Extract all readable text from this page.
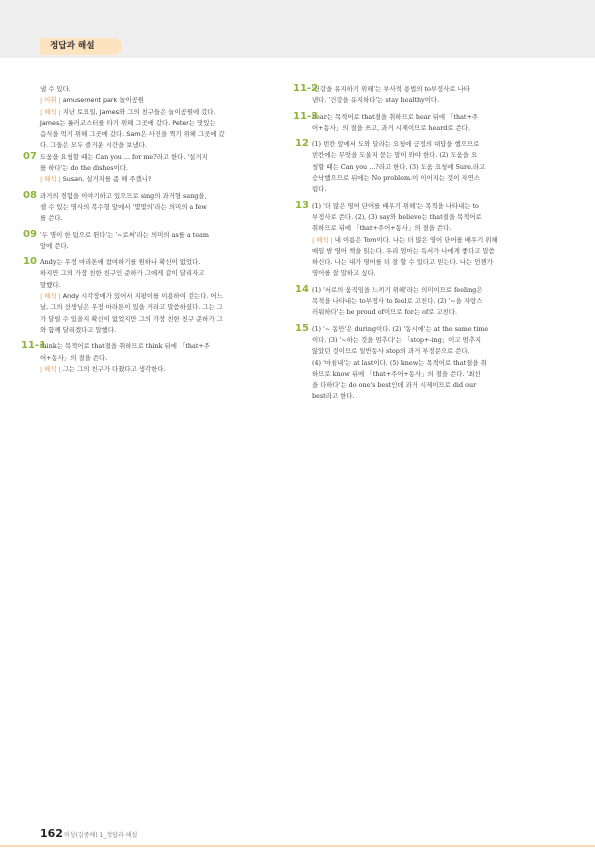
정답과 해설
낼 수 있다.
| 어휘 | amusement park 놀이공원
| 해석 | 지난 토요일, James와 그의 친구들은 놀이공원에 갔다.
James는 롤러코스터를 타기 위해 그곳에 갔다. Peter는 맛있는
음식을 먹기 위해 그곳에 갔다. Sam은 사진을 찍기 위해 그곳에 갔
다. 그들은 모두 즐거운 시간을 보냈다.
07 도움을 요청할 때는 Can you ... for me?라고 한다. '설거지
를 하다'는 do the dishes이다.
| 해석 | Susan, 설거지를 좀 해 주겠니?
08 과거의 경험을 이야기하고 있으므로 sing의 과거형 sang을,
셀 수 있는 명사의 복수형 앞에서 '몇몇의'라는 의미의 a few
를 쓴다.
09 '두 명이 한 팀으로 뛴다'는 '~로써'라는 의미의 as를 a team
앞에 쓴다.
10 Andy는 우정 마라톤에 참여하기를 원하나 확신이 없었다.
하지만 그의 가장 친한 친구인 준하가 그에게 같이 달리자고
말했다.
| 해석 | Andy 시각장애가 있어서 지팡이를 이용하여 걷는다. 어느
날, 그의 선생님은 우정 마라톤이 있을 거라고 말씀하셨다. 그는 그
가 달릴 수 있을지 확신이 없었지만 그의 가장 친한 친구 준하가 그
와 함께 달리겠다고 말했다.
11-1
think는 목적어로 that절을 취하므로 think 뒤에 「that+주
어+동사」의 절을 쓴다.
| 해석 | 그는 그의 친구가 다쳤다고 생각한다.
11-2
'건강을 유지하기 위해'는 부사적 용법의 to부정사로 나타
낸다. '건강을 유지하다'는 stay healthy이다.
11-3
hear는 목적어로 that절을 취하므로 hear 뒤에 「that+주
어+동사」의 절을 쓰고, 과거 시제이므로 heard로 쓴다.
12 (1) 빈칸 앞에서 도와 달라는 요청에 긍정의 대답을 했으므로
빈칸에는 무엇을 도울지 묻는 말이 와야 한다. (2) 도움을 요
청할 때는 Can you ...?라고 한다. (3) 도움 요청에 Sure.라고
승낙했으므로 뒤에는 No problem.이 이어지는 것이 자연스
럽다.
13 (1) '더 많은 영어 단어를 배우기 위해'는 목적을 나타내는 to
부정사로 쓴다. (2), (3) say와 believe는 that절을 목적어로
취하므로 뒤에 「that+주어+동사」의 절을 쓴다.
| 해석 | 내 이름은 Tom이다. 나는 더 많은 영어 단어를 배우기 위해
매일 밤 영어 책을 읽는다. 우리 엄마는 독서가 나에게 좋다고 말씀
하신다. 나는 내가 영어를 더 잘 할 수 있다고 믿는다. 나는 언젠가
영어를 잘 말하고 싶다.
14 (1) '서로의 움직임을 느끼기 위해'라는 의미이므로 feeling은
목적을 나타내는 to부정사 to feel로 고친다. (2) '~을 자랑스
러워하다'는 be proud of이므로 for는 of로 고친다.
15 (1) '~ 동안'은 during이다. (2) '동시에'는 at the same time
이다. (3) '~하는 것을 멈추다'는 「stop+-ing」이고 멈추지
않았던 것이므로 일반동사 stop의 과거 부정문으로 쓴다.
(4) '마침내'는 at last이다. (5) knew는 목적어로 that절을 취
하므로 know 뒤에 「that+주어+동사」의 절을 쓴다. '최선
을 다하다'는 do one's best인데 과거 시제이므로 did our
best라고 한다.
162 비상(김종배) 1_정답과 해설
